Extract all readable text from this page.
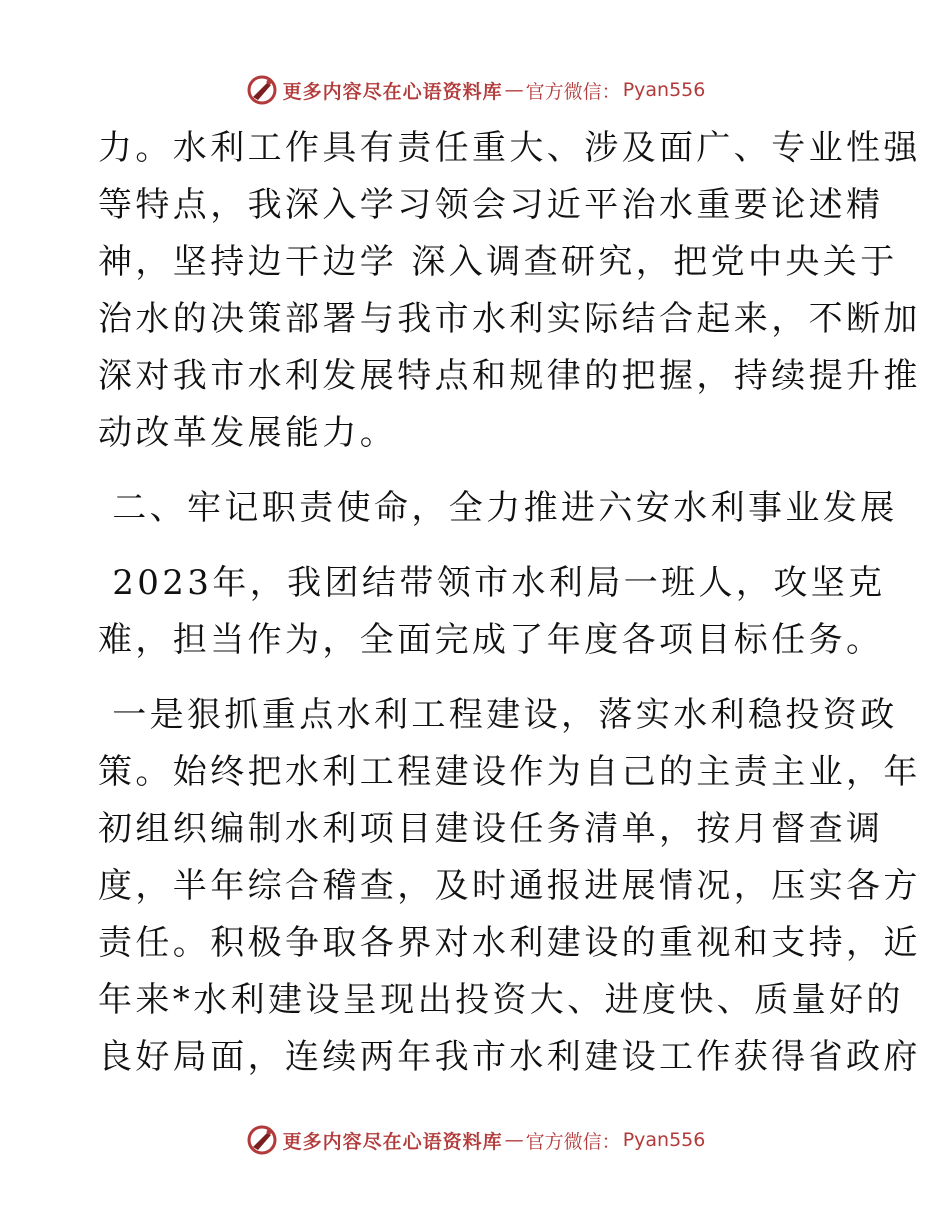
更多内容尽在心语资料库 — 官方微信： Pyan556
力。水利工作具有责任重大、涉及面广、专业性强
等特点，我深入学习领会习近平治水重要论述精
神，坚持边干边学 深入调查研究，把党中央关于
治水的决策部署与我市水利实际结合起来，不断加
深对我市水利发展特点和规律的把握，持续提升推
动改革发展能力。
二、牢记职责使命，全力推进六安水利事业发展
2023年，我团结带领市水利局一班人，攻坚克
难，担当作为，全面完成了年度各项目标任务。
一是狠抓重点水利工程建设，落实水利稳投资政
策。始终把水利工程建设作为自己的主责主业，年
初组织编制水利项目建设任务清单，按月督查调
度，半年综合稽查，及时通报进展情况，压实各方
责任。积极争取各界对水利建设的重视和支持，近
年来*水利建设呈现出投资大、进度快、质量好的
良好局面，连续两年我市水利建设工作获得省政府
更多内容尽在心语资料库 — 官方微信： Pyan556
